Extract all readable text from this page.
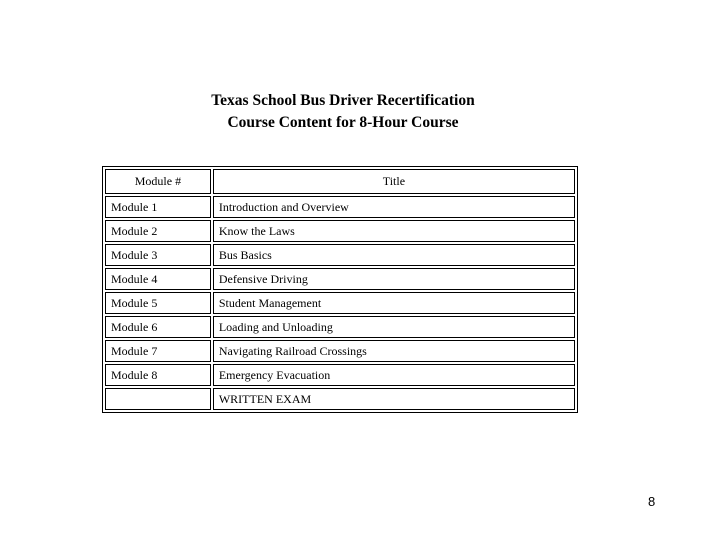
Texas School Bus Driver Recertification
Course Content for 8-Hour Course
Module #	Title
Module 1	Introduction and Overview
Module 2	Know the Laws
Module 3	Bus Basics
Module 4	Defensive Driving
Module 5	Student Management
Module 6	Loading and Unloading
Module 7	Navigating Railroad Crossings
Module 8	Emergency Evacuation
	WRITTEN EXAM
8
